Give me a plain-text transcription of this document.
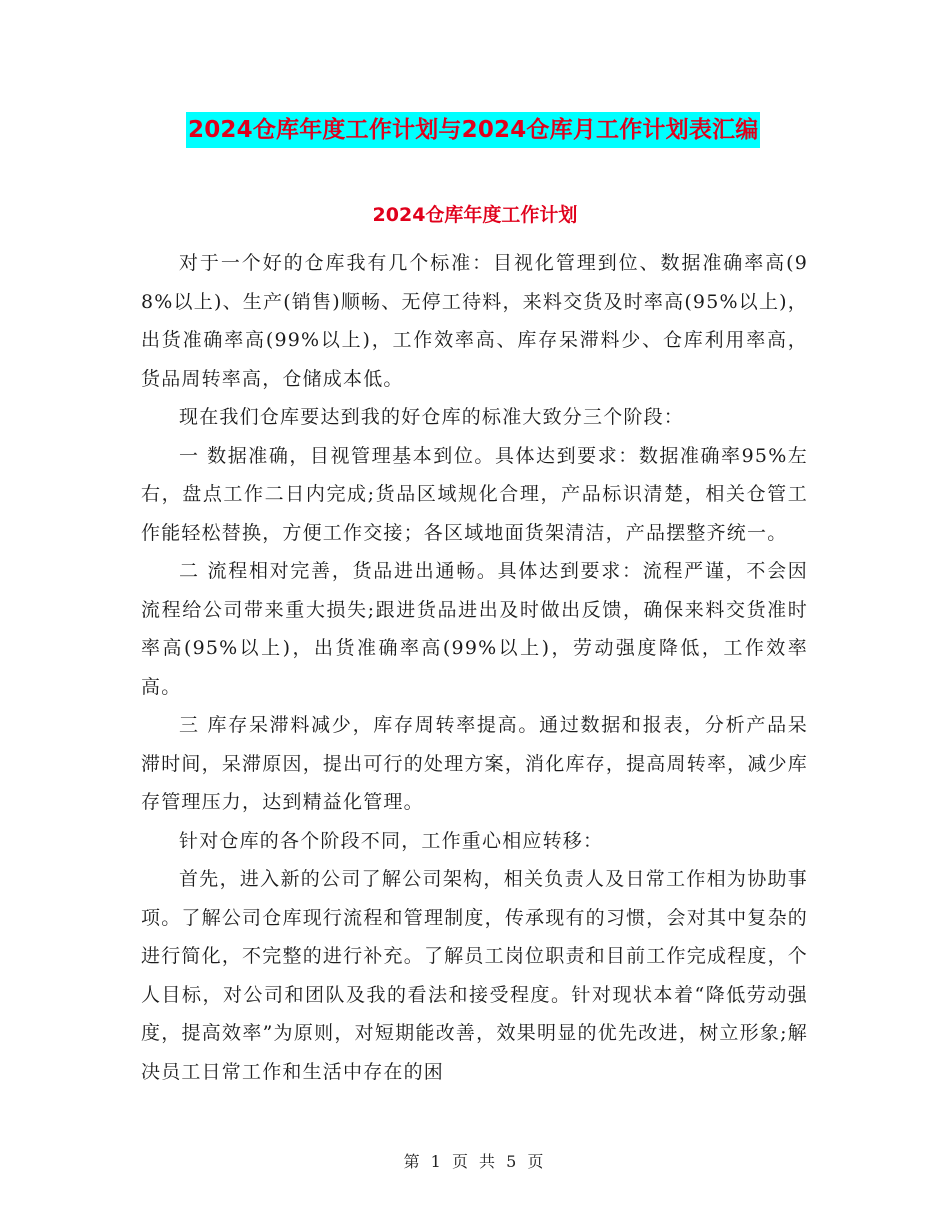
2024仓库年度工作计划与2024仓库月工作计划表汇编
2024仓库年度工作计划

对于一个好的仓库我有几个标准：目视化管理到位、数据准确率高(98%以上)、生产(销售)顺畅、无停工待料，来料交货及时率高(95%以上)，出货准确率高(99%以上)，工作效率高、库存呆滞料少、仓库利用率高，货品周转率高，仓储成本低。

现在我们仓库要达到我的好仓库的标准大致分三个阶段：

一 数据准确，目视管理基本到位。具体达到要求：数据准确率95%左右，盘点工作二日内完成;货品区域规化合理，产品标识清楚，相关仓管工作能轻松替换，方便工作交接；各区域地面货架清洁，产品摆整齐统一。

二 流程相对完善，货品进出通畅。具体达到要求：流程严谨，不会因流程给公司带来重大损失;跟进货品进出及时做出反馈，确保来料交货准时率高(95%以上)，出货准确率高(99%以上)，劳动强度降低，工作效率高。

三 库存呆滞料减少，库存周转率提高。通过数据和报表，分析产品呆滞时间，呆滞原因，提出可行的处理方案，消化库存，提高周转率，减少库存管理压力，达到精益化管理。

针对仓库的各个阶段不同，工作重心相应转移：

首先，进入新的公司了解公司架构，相关负责人及日常工作相为协助事项。了解公司仓库现行流程和管理制度，传承现有的习惯，会对其中复杂的进行简化，不完整的进行补充。了解员工岗位职责和目前工作完成程度，个人目标，对公司和团队及我的看法和接受程度。针对现状本着“降低劳动强度，提高效率”为原则，对短期能改善，效果明显的优先改进，树立形象;解决员工日常工作和生活中存在的困

第 1 页 共 5 页
